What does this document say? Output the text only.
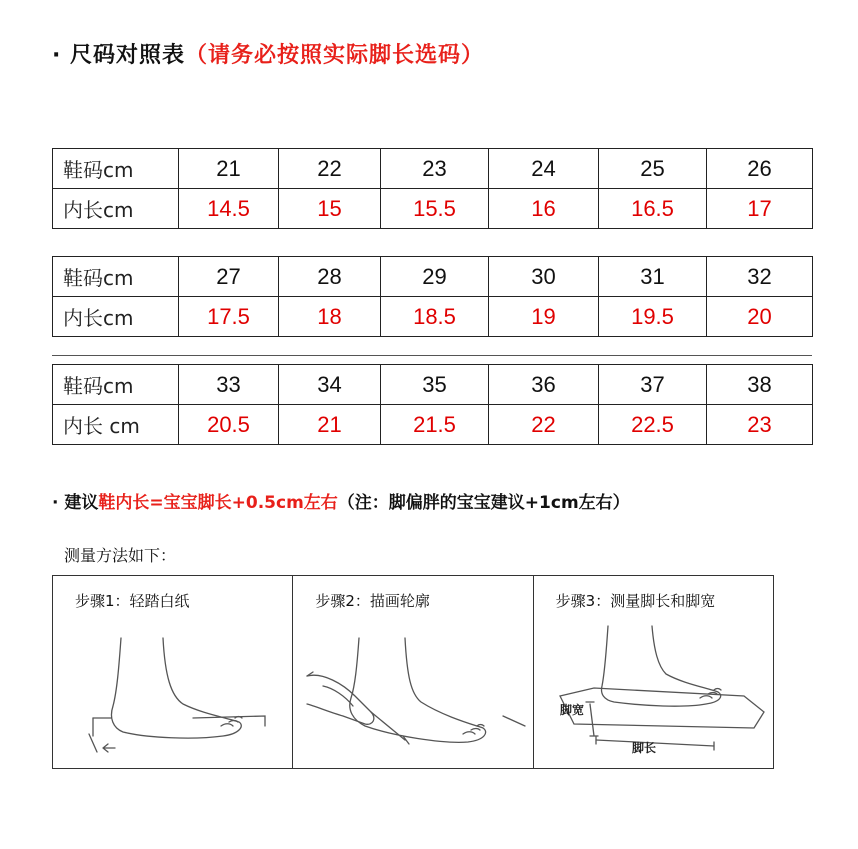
· 尺码对照表（请务必按照实际脚长选码）
鞋码cm	21	22	23	24	25	26
内长cm	14.5	15	15.5	16	16.5	17
鞋码cm	27	28	29	30	31	32
内长cm	17.5	18	18.5	19	19.5	20
鞋码cm	33	34	35	36	37	38
内长 cm	20.5	21	21.5	22	22.5	23
· 建议鞋内长=宝宝脚长+0.5cm左右（注：脚偏胖的宝宝建议+1cm左右）
测量方法如下：
步骤1：轻踏白纸	步骤2：描画轮廓	步骤3：测量脚长和脚宽
脚宽
脚长
